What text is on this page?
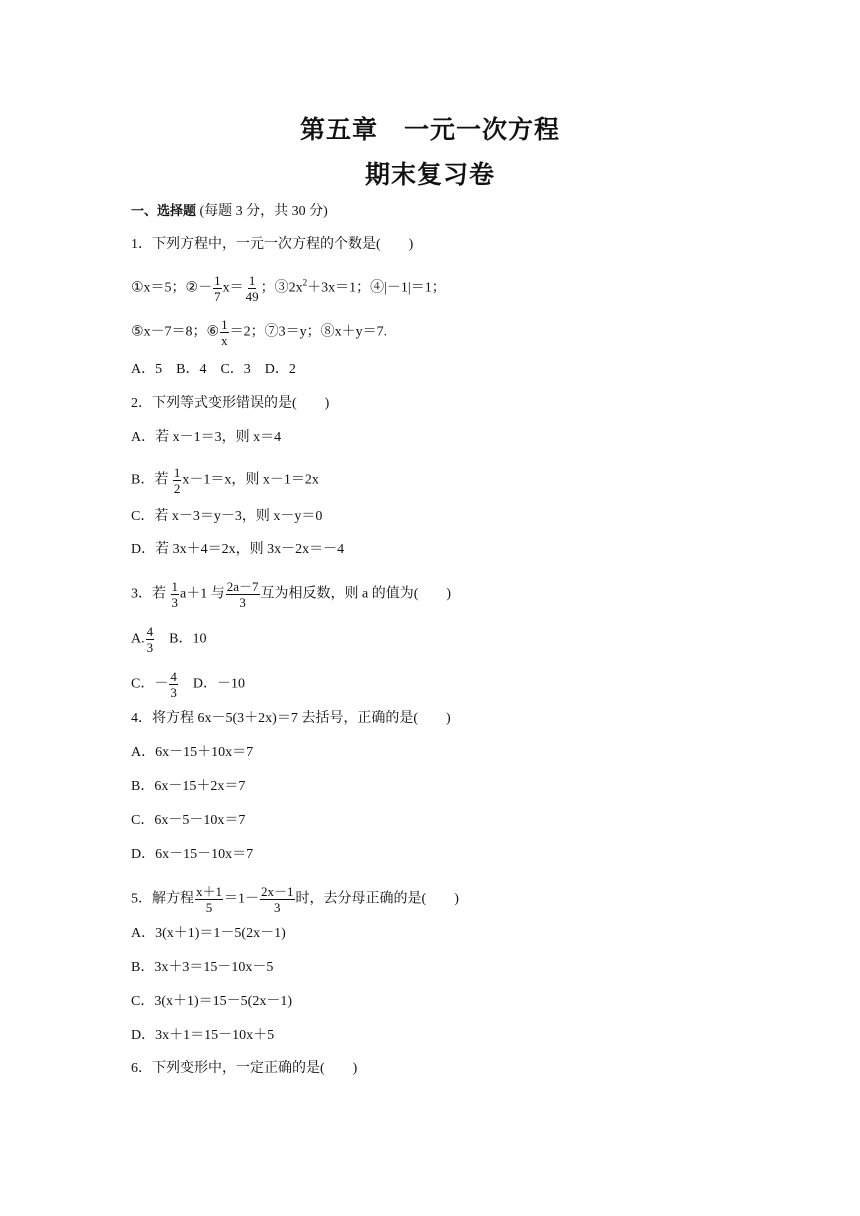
第五章　一元一次方程
期末复习卷
一、选择题 (每题 3 分，共 30 分)
1．下列方程中，一元一次方程的个数是(　　)
①x＝5；②－ $\frac{1}{7} x= \frac{1}{49}$ ；$③2x^2+3x=1$；④|－1|＝1；
⑤x－7＝8；⑥ $\frac{1}{x} =2$；⑦3＝y；⑧x＋y＝7.
A．5　B．4　C．3　D．2
2．下列等式变形错误的是(　　)
A．若 x－1＝3，则 x＝4
B．若 $\frac{1}{2} x-1=x$，则 x－1＝2x
C．若 x－3＝y－3，则 x－y＝0
D．若 3x＋4＝2x，则 3x－2x＝－4
3．若 $\frac{1}{3} a+1$ 与 $\frac{2a-7}{3}$ 互为相反数，则 a 的值为(　　)
A. $\frac{4}{3}$ 　B．10
C．－ $\frac{4}{3}$ 　D．－10
4．将方程 6x－5(3＋2x)＝7 去括号，正确的是(　　)
A．6x－15＋10x＝7
B．6x－15＋2x＝7
C．6x－5－10x＝7
D．6x－15－10x＝7
5．解方程 $\frac{x+1}{5} =1- \frac{2x-1}{3}$ 时，去分母正确的是(　　)
A．3(x＋1)＝1－5(2x－1)
B．3x＋3＝15－10x－5
C．3(x＋1)＝15－5(2x－1)
D．3x＋1＝15－10x＋5
6．下列变形中，一定正确的是(　　)
